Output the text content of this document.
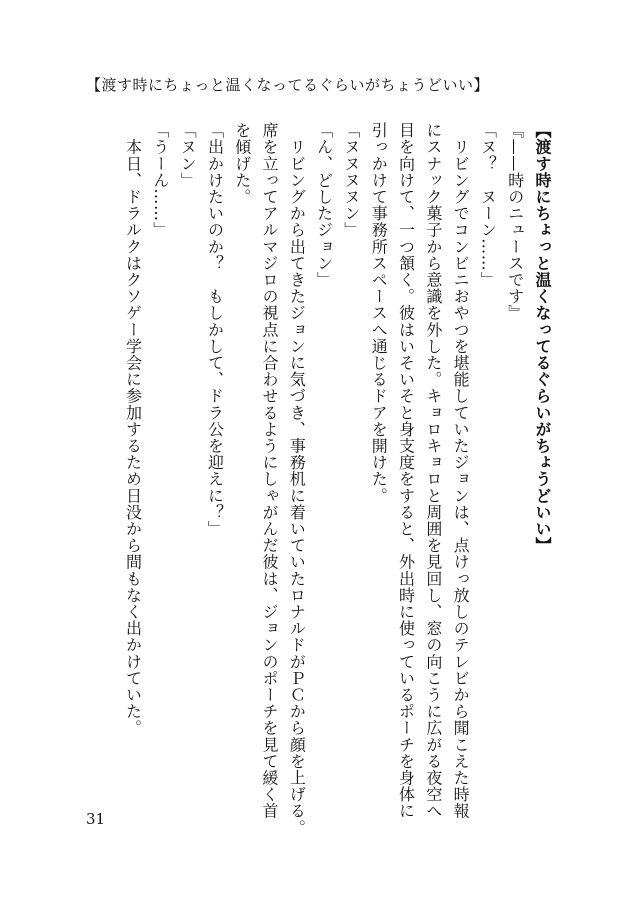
【渡す時にちょっと温くなってるぐらいがちょうどいい】

【渡す時にちょっと温くなってるぐらいがちょうどいい】

『——時のニュースです』

「ヌ？　ヌーン……」

　リビングでコンビニおやつを堪能していたジョンは、点けっ放しのテレビから聞こえた時報

にスナック菓子から意識を外した。キョロキョロと周囲を見回し、窓の向こうに広がる夜空へ

目を向けて、一つ頷く。彼はいそいそと身支度をすると、外出時に使っているポーチを身体に

引っかけて事務所スペースへ通じるドアを開けた。

「ヌヌヌヌン」

「ん、どしたジョン」

　リビングから出てきたジョンに気づき、事務机に着いていたロナルドがＰＣから顔を上げる。

席を立ってアルマジロの視点に合わせるようにしゃがんだ彼は、ジョンのポーチを見て緩く首

を傾げた。

「出かけたいのか？　もしかして、ドラ公を迎えに？」

「ヌン」

「うーん……」

　本日、ドラルクはクソゲー学会に参加するため日没から間もなく出かけていた。

31
